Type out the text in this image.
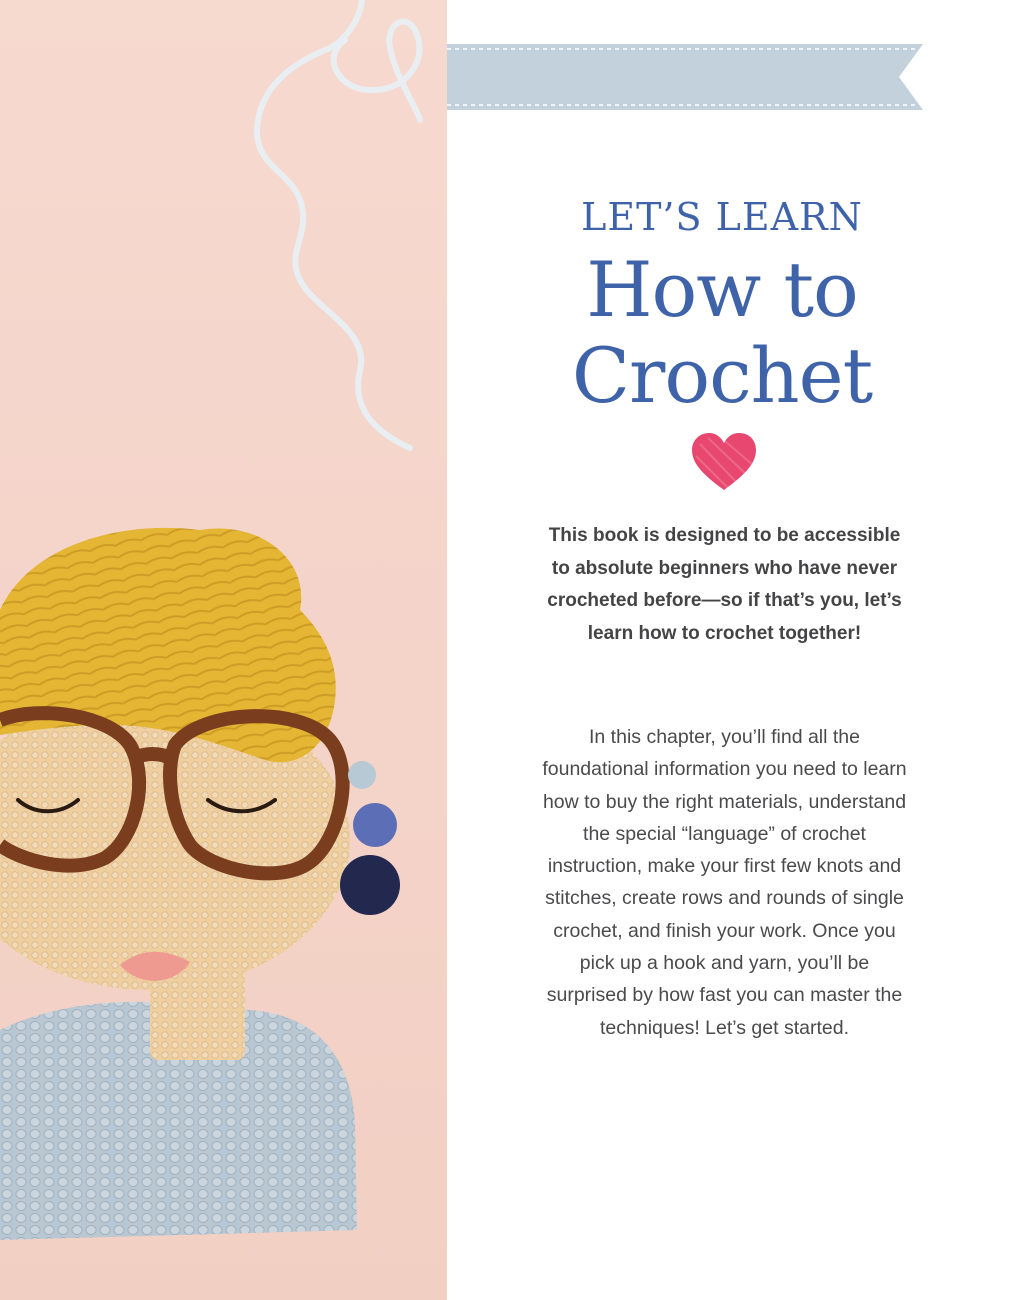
LET’S LEARN
How to
Crochet
This book is designed to be accessible to absolute beginners who have never crocheted before—so if that’s you, let’s learn how to crochet together!
In this chapter, you’ll find all the foundational information you need to learn how to buy the right materials, understand the special “language” of crochet instruction, make your first few knots and stitches, create rows and rounds of single crochet, and finish your work. Once you pick up a hook and yarn, you’ll be surprised by how fast you can master the techniques! Let’s get started.
